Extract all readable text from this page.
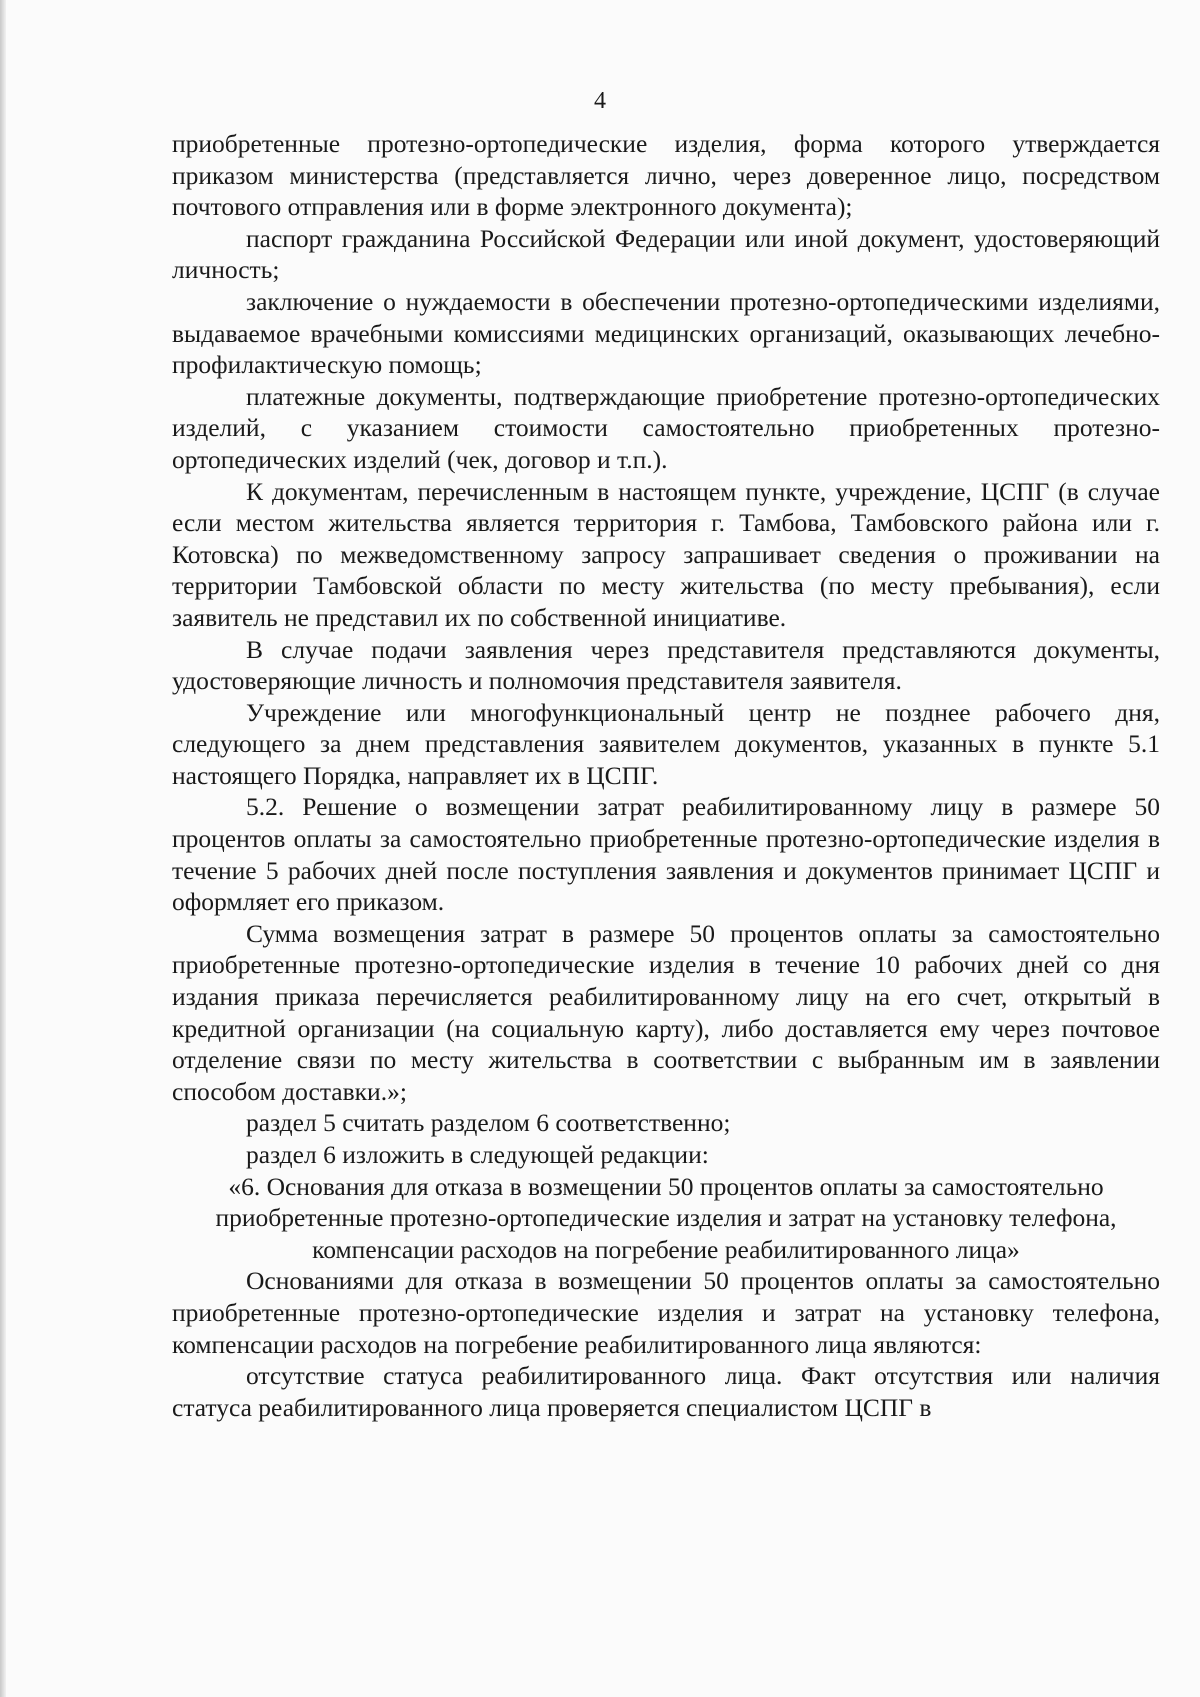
4

приобретенные протезно-ортопедические изделия, форма которого утверждается приказом министерства (представляется лично, через доверенное лицо, посредством почтового отправления или в форме электронного документа);

паспорт гражданина Российской Федерации или иной документ, удостоверяющий личность;

заключение о нуждаемости в обеспечении протезно-ортопедическими изделиями, выдаваемое врачебными комиссиями медицинских организаций, оказывающих лечебно-профилактическую помощь;

платежные документы, подтверждающие приобретение протезно-ортопедических изделий, с указанием стоимости самостоятельно приобретенных протезно-ортопедических изделий (чек, договор и т.п.).

К документам, перечисленным в настоящем пункте, учреждение, ЦСПГ (в случае если местом жительства является территория г. Тамбова, Тамбовского района или г. Котовска) по межведомственному запросу запрашивает сведения о проживании на территории Тамбовской области по месту жительства (по месту пребывания), если заявитель не представил их по собственной инициативе.

В случае подачи заявления через представителя представляются документы, удостоверяющие личность и полномочия представителя заявителя.

Учреждение или многофункциональный центр не позднее рабочего дня, следующего за днем представления заявителем документов, указанных в пункте 5.1 настоящего Порядка, направляет их в ЦСПГ.

5.2. Решение о возмещении затрат реабилитированному лицу в размере 50 процентов оплаты за самостоятельно приобретенные протезно-ортопедические изделия в течение 5 рабочих дней после поступления заявления и документов принимает ЦСПГ и оформляет его приказом.

Сумма возмещения затрат в размере 50 процентов оплаты за самостоятельно приобретенные протезно-ортопедические изделия в течение 10 рабочих дней со дня издания приказа перечисляется реабилитированному лицу на его счет, открытый в кредитной организации (на социальную карту), либо доставляется ему через почтовое отделение связи по месту жительства в соответствии с выбранным им в заявлении способом доставки.»;

раздел 5 считать разделом 6 соответственно;

раздел 6 изложить в следующей редакции:

«6. Основания для отказа в возмещении 50 процентов оплаты за самостоятельно приобретенные протезно-ортопедические изделия и затрат на установку телефона, компенсации расходов на погребение реабилитированного лица»

Основаниями для отказа в возмещении 50 процентов оплаты за самостоятельно приобретенные протезно-ортопедические изделия и затрат на установку телефона, компенсации расходов на погребение реабилитированного лица являются:

отсутствие статуса реабилитированного лица. Факт отсутствия или наличия статуса реабилитированного лица проверяется специалистом ЦСПГ в
